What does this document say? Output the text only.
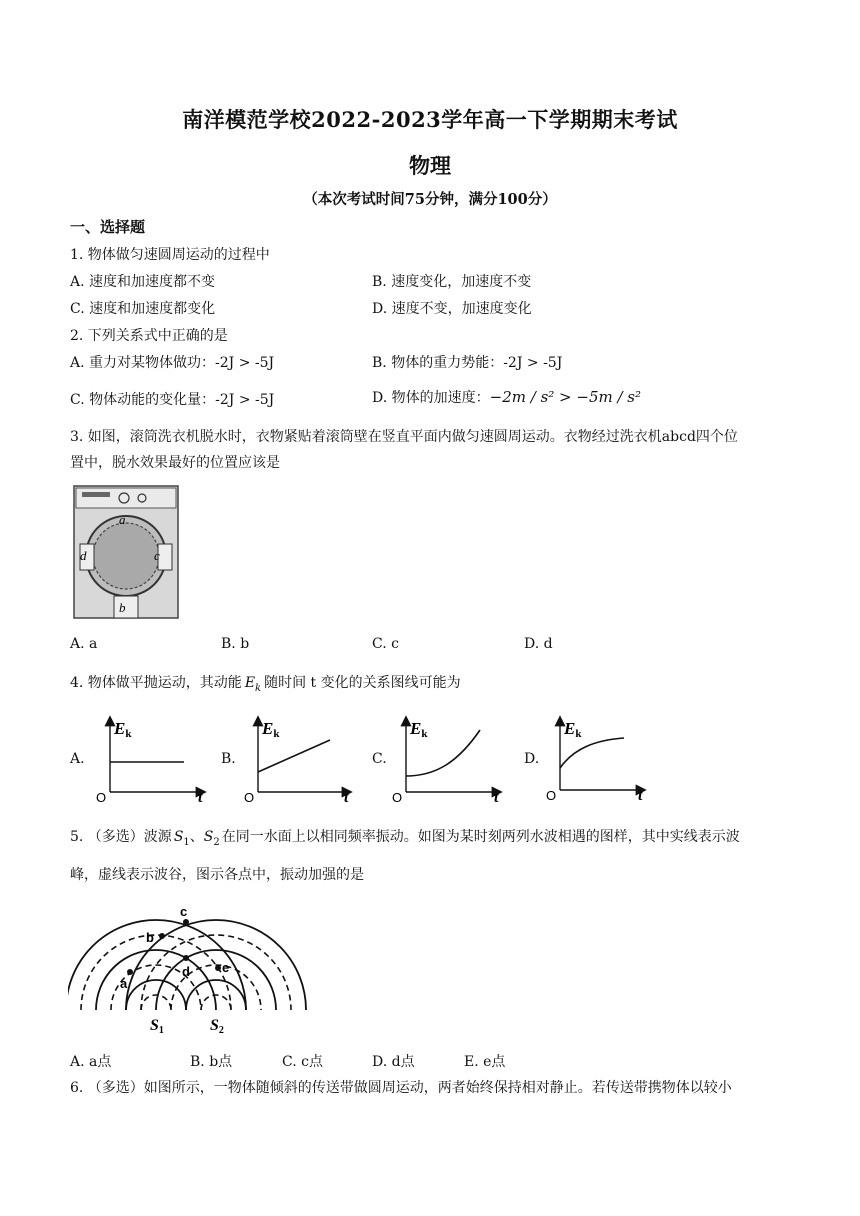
南洋模范学校2022-2023学年高一下学期期末考试
物理
（本次考试时间75分钟，满分100分）
一、选择题
1. 物体做匀速圆周运动的过程中
A. 速度和加速度都不变	B. 速度变化，加速度不变
C. 速度和加速度都变化	D. 速度不变，加速度变化
2. 下列关系式中正确的是
A. 重力对某物体做功：-2J > -5J	B. 物体的重力势能：-2J > -5J
C. 物体动能的变化量：-2J > -5J	D. 物体的加速度：−2m / s² > −5m / s²
3. 如图，滚筒洗衣机脱水时，衣物紧贴着滚筒壁在竖直平面内做匀速圆周运动。衣物经过洗衣机abcd四个位
置中，脱水效果最好的位置应该是
a
b
c
d
A. a	B. b	C. c	D. d
4. 物体做平抛运动，其动能 $E_k$ 随时间 t 变化的关系图线可能为
A.
Ek
t
O
B.
Ek
t
O
C.
Ek
t
O
D.
Ek
t
O
5. （多选）波源 $S_1$、$S_2$ 在同一水面上以相同频率振动。如图为某时刻两列水波相遇的图样，其中实线表示波
峰，虚线表示波谷，图示各点中，振动加强的是
a
b
c
d e
S1	S2
A. a点	B. b点	C. c点	D. d点	E. e点
6. （多选）如图所示，一物体随倾斜的传送带做圆周运动，两者始终保持相对静止。若传送带携物体以较小
